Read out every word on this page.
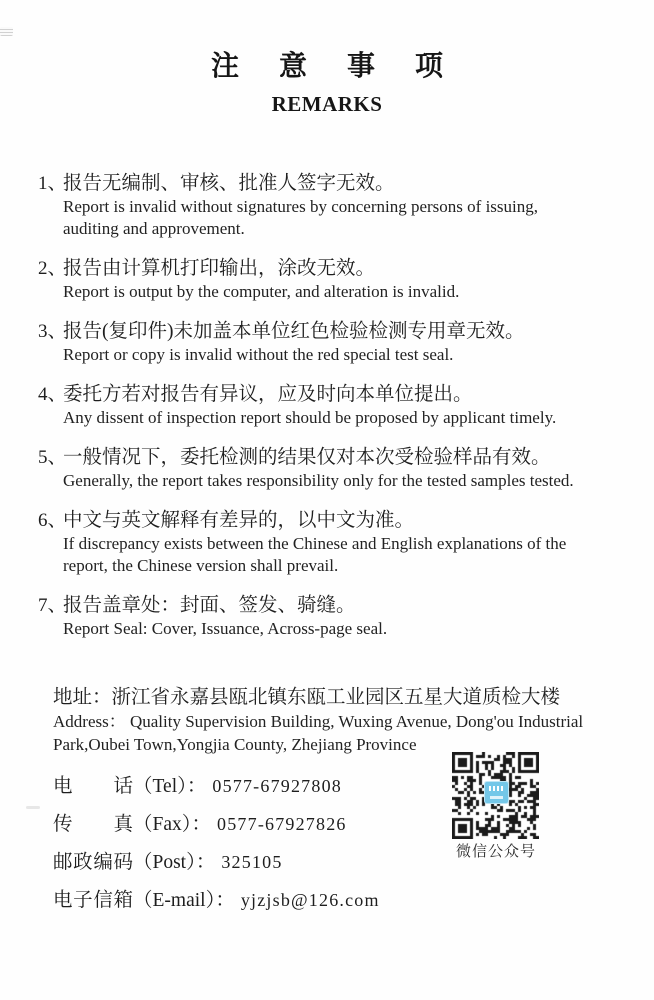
注意事项
REMARKS
1、
报告无编制、审核、批准人签字无效。
Report is invalid without signatures by concerning persons of issuing,
auditing and approvement.
2、
报告由计算机打印输出，涂改无效。
Report is output by the computer, and alteration is invalid.
3、
报告(复印件)未加盖本单位红色检验检测专用章无效。
Report or copy is invalid without the red special test seal.
4、
委托方若对报告有异议，应及时向本单位提出。
Any dissent of inspection report should be proposed by applicant timely.
5、
一般情况下，委托检测的结果仅对本次受检验样品有效。
Generally, the report takes responsibility only for the tested samples tested.
6、
中文与英文解释有差异的，以中文为准。
If discrepancy exists between the Chinese and English explanations of the
report, the Chinese version shall prevail.
7、
报告盖章处：封面、签发、骑缝。
Report Seal: Cover, Issuance, Across-page seal.
地址：浙江省永嘉县瓯北镇东瓯工业园区五星大道质检大楼
Address： Quality Supervision Building, Wuxing Avenue, Dong'ou Industrial
Park,Oubei Town,Yongjia County, Zhejiang Province
电 话（Tel）： 0577-67927808
传 真（Fax）： 0577-67927826
邮政编码（Post）： 325105
电子信箱（E-mail）： yjzjsb@126.com
微信公众号
